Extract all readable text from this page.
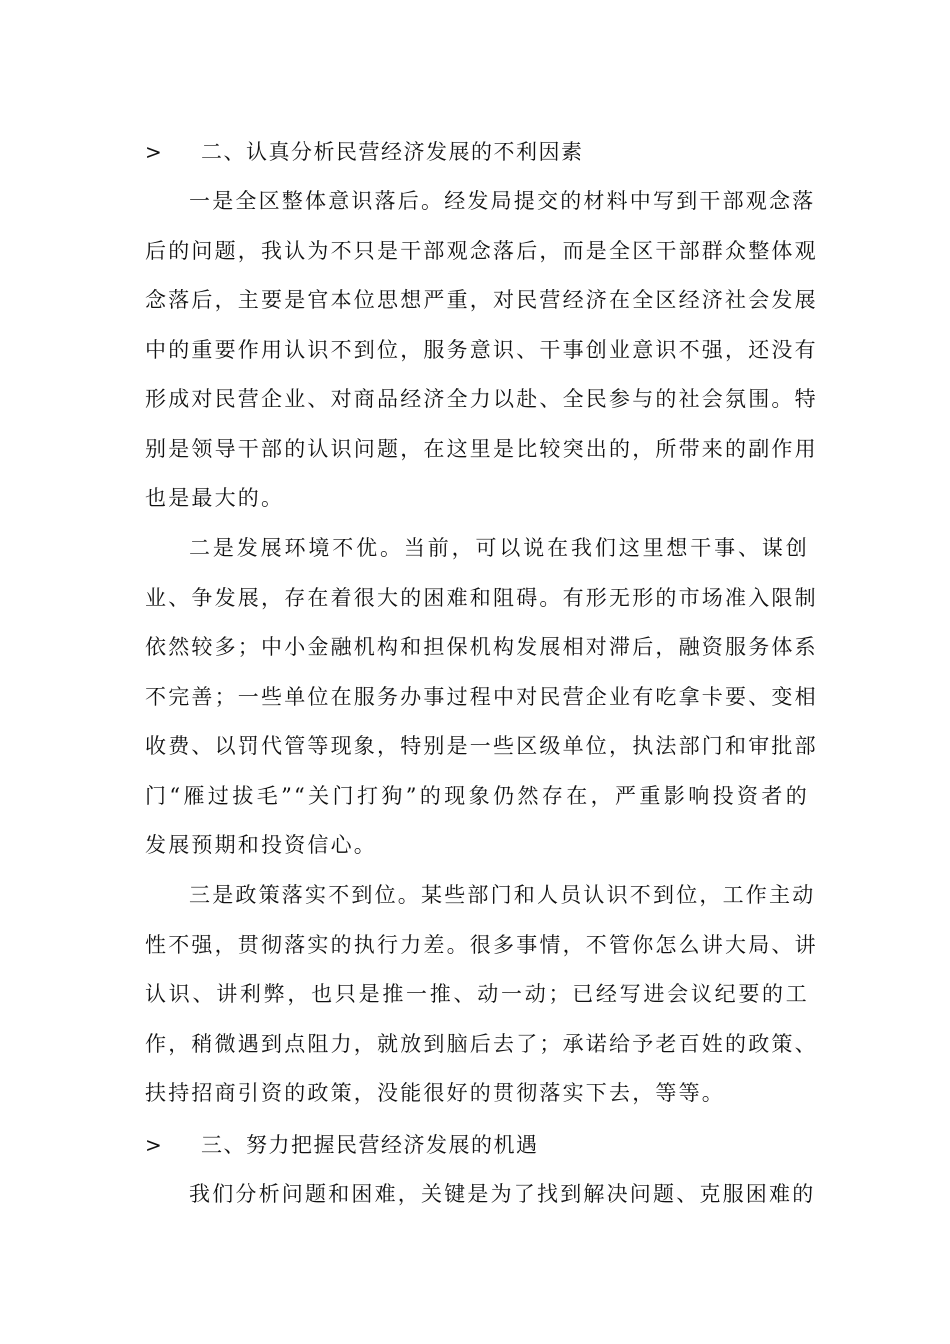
> 二、认真分析民营经济发展的不利因素
一是全区整体意识落后。经发局提交的材料中写到干部观念落
后的问题，我认为不只是干部观念落后，而是全区干部群众整体观
念落后，主要是官本位思想严重，对民营经济在全区经济社会发展
中的重要作用认识不到位，服务意识、干事创业意识不强，还没有
形成对民营企业、对商品经济全力以赴、全民参与的社会氛围。特
别是领导干部的认识问题，在这里是比较突出的，所带来的副作用
也是最大的。
二是发展环境不优。当前，可以说在我们这里想干事、谋创
业、争发展，存在着很大的困难和阻碍。有形无形的市场准入限制
依然较多；中小金融机构和担保机构发展相对滞后，融资服务体系
不完善；一些单位在服务办事过程中对民营企业有吃拿卡要、变相
收费、以罚代管等现象，特别是一些区级单位，执法部门和审批部
门“雁过拔毛”“关门打狗”的现象仍然存在，严重影响投资者的
发展预期和投资信心。
三是政策落实不到位。某些部门和人员认识不到位，工作主动
性不强，贯彻落实的执行力差。很多事情，不管你怎么讲大局、讲
认识、讲利弊，也只是推一推、动一动；已经写进会议纪要的工
作，稍微遇到点阻力，就放到脑后去了；承诺给予老百姓的政策、
扶持招商引资的政策，没能很好的贯彻落实下去，等等。
> 三、努力把握民营经济发展的机遇
我们分析问题和困难，关键是为了找到解决问题、克服困难的
